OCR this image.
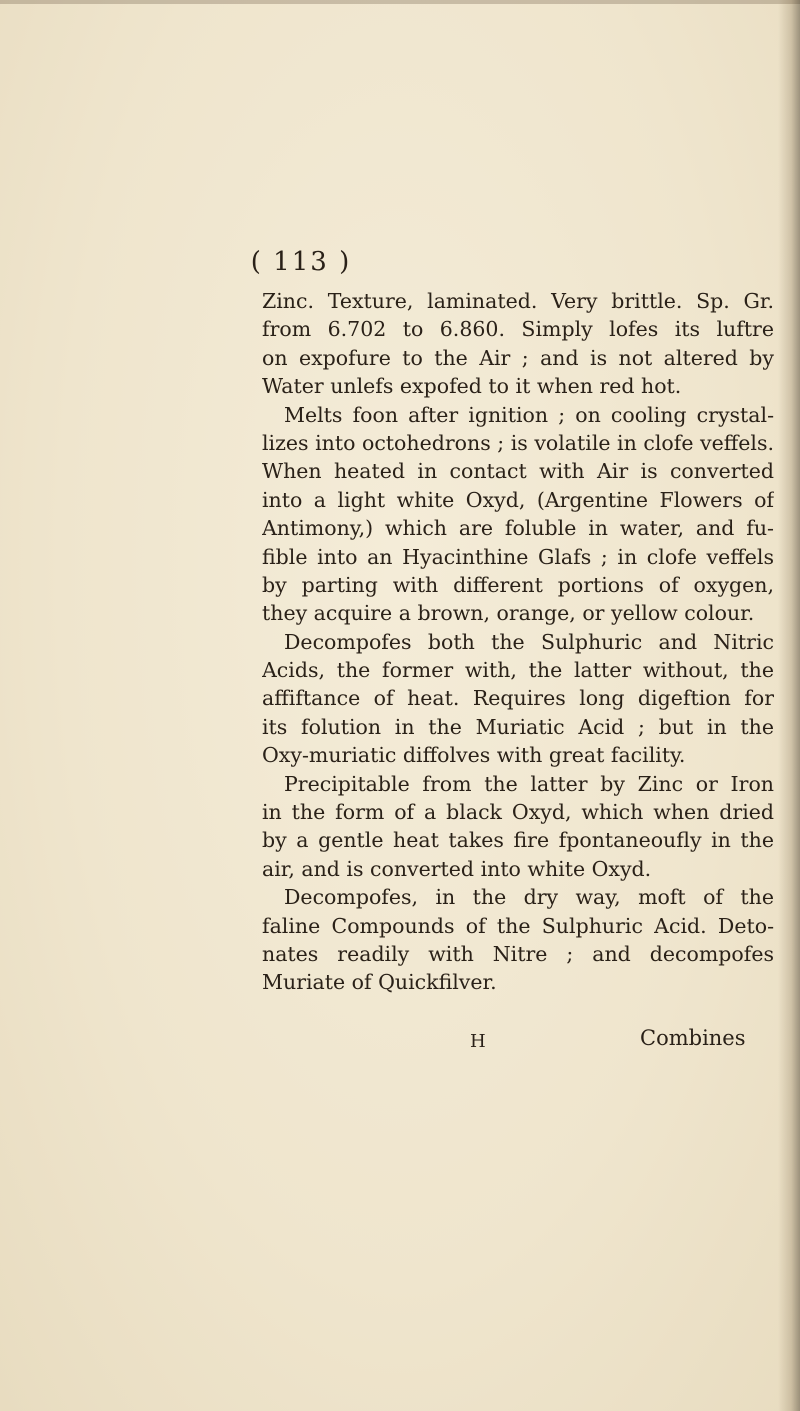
( 113 )
Zinc. Texture, laminated. Very brittle. Sp. Gr.
from 6.702 to 6.860. Simply lofes its luftre
on expofure to the Air ; and is not altered by
Water unlefs expofed to it when red hot.
Melts foon after ignition ; on cooling crystal-
lizes into octohedrons ; is volatile in clofe veffels.
When heated in contact with Air is converted
into a light white Oxyd, (Argentine Flowers of
Antimony,) which are foluble in water, and fu-
fible into an Hyacinthine Glafs ; in clofe veffels
by parting with different portions of oxygen,
they acquire a brown, orange, or yellow colour.
Decompofes both the Sulphuric and Nitric
Acids, the former with, the latter without, the
affiftance of heat. Requires long digeftion for
its folution in the Muriatic Acid ; but in the
Oxy-muriatic diffolves with great facility.
Precipitable from the latter by Zinc or Iron
in the form of a black Oxyd, which when dried
by a gentle heat takes fire fpontaneoufly in the
air, and is converted into white Oxyd.
Decompofes, in the dry way, moft of the
faline Compounds of the Sulphuric Acid. Deto-
nates readily with Nitre ; and decompofes
Muriate of Quickfilver.
H	Combines
